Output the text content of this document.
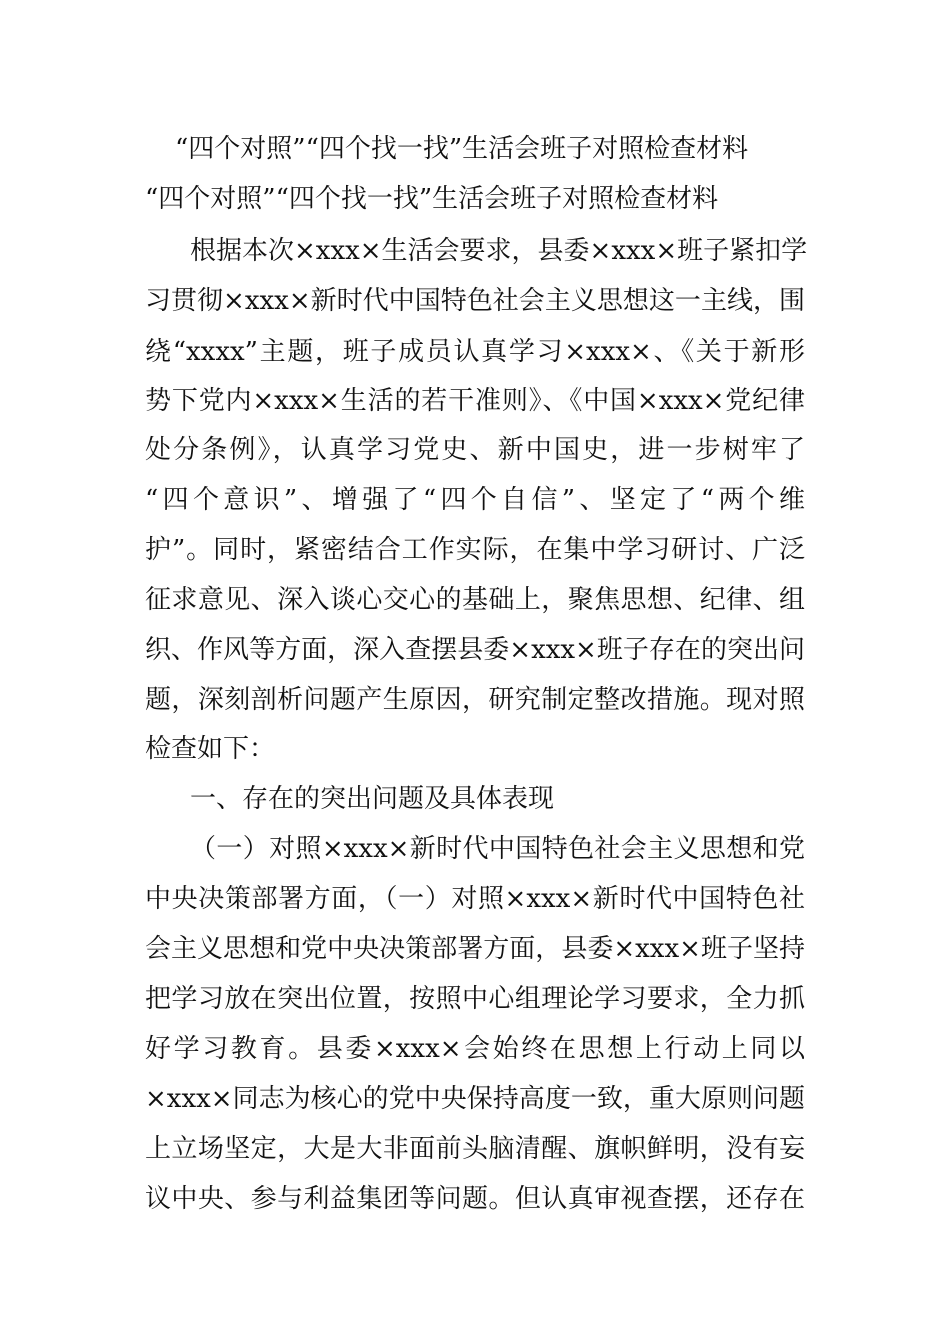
“四个对照”“四个找一找”生活会班子对照检查材料
“四个对照”“四个找一找”生活会班子对照检查材料
根据本次×xxx×生活会要求，县委×xxx×班子紧扣学
习贯彻×xxx×新时代中国特色社会主义思想这一主线，围
绕“xxxx”主题，班子成员认真学习×xxx×、《关于新形
势下党内×xxx×生活的若干准则》、《中国×xxx×党纪律
处分条例》，认真学习党史、新中国史，进一步树牢了
“四个意识”、增强了“四个自信”、坚定了“两个维
护”。同时，紧密结合工作实际，在集中学习研讨、广泛
征求意见、深入谈心交心的基础上，聚焦思想、纪律、组
织、作风等方面，深入查摆县委×xxx×班子存在的突出问
题，深刻剖析问题产生原因，研究制定整改措施。现对照
检查如下：
一、存在的突出问题及具体表现
（一）对照×xxx×新时代中国特色社会主义思想和党
中央决策部署方面，（一）对照×xxx×新时代中国特色社
会主义思想和党中央决策部署方面，县委×xxx×班子坚持
把学习放在突出位置，按照中心组理论学习要求，全力抓
好学习教育。县委×xxx×会始终在思想上行动上同以
×xxx×同志为核心的党中央保持高度一致，重大原则问题
上立场坚定，大是大非面前头脑清醒、旗帜鲜明，没有妄
议中央、参与利益集团等问题。但认真审视查摆，还存在
